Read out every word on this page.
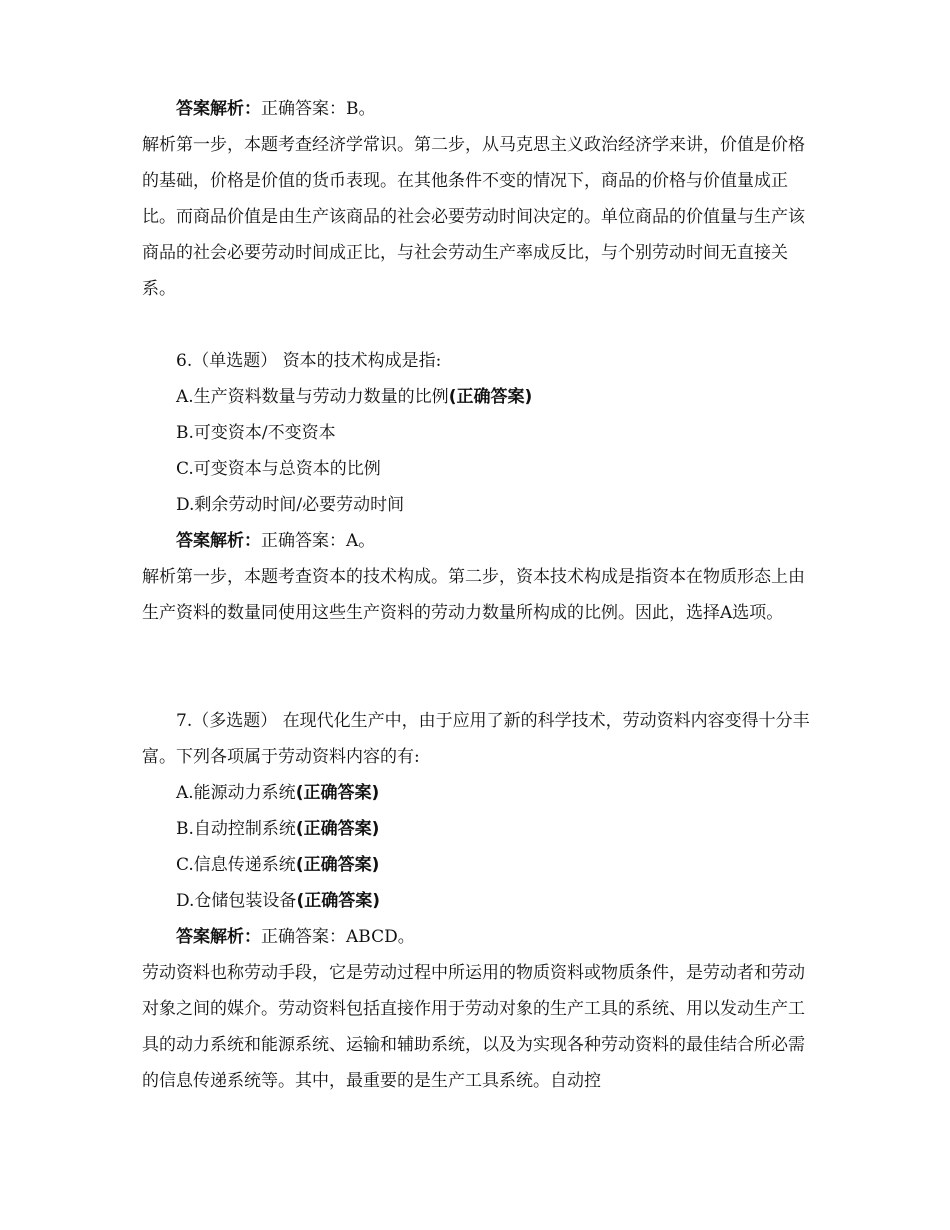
答案解析：正确答案：B。

解析第一步，本题考查经济学常识。第二步，从马克思主义政治经济学来讲，价值是价格的基础，价格是价值的货币表现。在其他条件不变的情况下，商品的价格与价值量成正比。而商品价值是由生产该商品的社会必要劳动时间决定的。单位商品的价值量与生产该商品的社会必要劳动时间成正比，与社会劳动生产率成反比，与个别劳动时间无直接关系。

6.（单选题） 资本的技术构成是指:

A.生产资料数量与劳动力数量的比例(正确答案)

B.可变资本/不变资本

C.可变资本与总资本的比例

D.剩余劳动时间/必要劳动时间

答案解析：正确答案：A。

解析第一步，本题考查资本的技术构成。第二步，资本技术构成是指资本在物质形态上由生产资料的数量同使用这些生产资料的劳动力数量所构成的比例。因此，选择A选项。

7.（多选题） 在现代化生产中，由于应用了新的科学技术，劳动资料内容变得十分丰富。下列各项属于劳动资料内容的有:

A.能源动力系统(正确答案)

B.自动控制系统(正确答案)

C.信息传递系统(正确答案)

D.仓储包装设备(正确答案)

答案解析：正确答案：ABCD。

劳动资料也称劳动手段，它是劳动过程中所运用的物质资料或物质条件，是劳动者和劳动对象之间的媒介。劳动资料包括直接作用于劳动对象的生产工具的系统、用以发动生产工具的动力系统和能源系统、运输和辅助系统，以及为实现各种劳动资料的最佳结合所必需的信息传递系统等。其中，最重要的是生产工具系统。自动控
